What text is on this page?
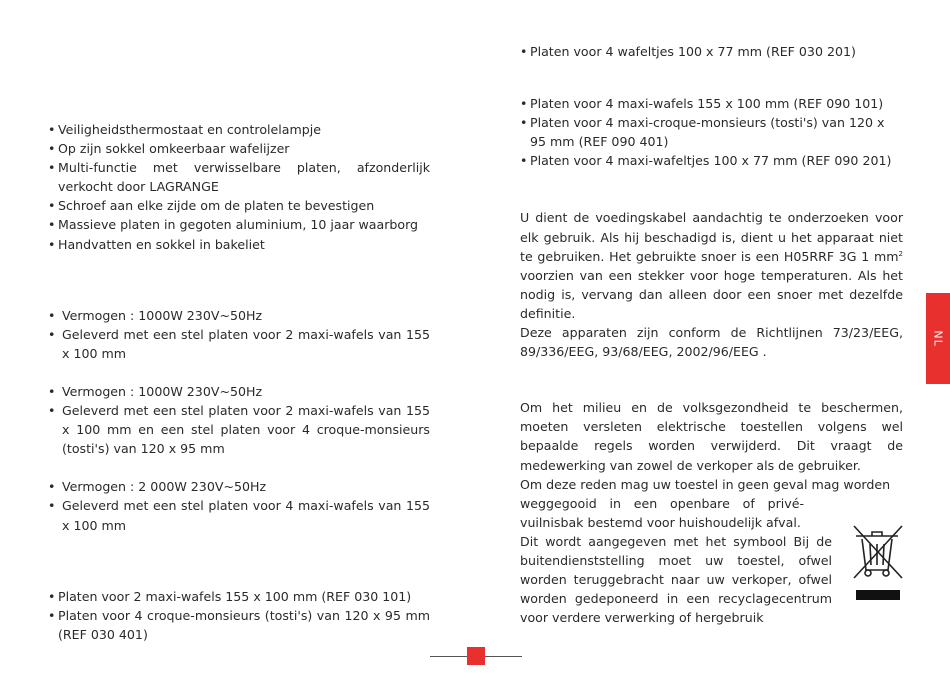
• Veiligheidsthermostaat en controlelampje
• Op zijn sokkel omkeerbaar wafelijzer
• Multi-functie met verwisselbare platen, afzonderlijk verkocht door LAGRANGE
• Schroef aan elke zijde om de platen te bevestigen
• Massieve platen in gegoten aluminium, 10 jaar waarborg
• Handvatten en sokkel in bakeliet
• Vermogen : 1000W 230V~50Hz
• Geleverd met een stel platen voor 2 maxi-wafels van 155 x 100 mm
• Vermogen : 1000W 230V~50Hz
• Geleverd met een stel platen voor 2 maxi-wafels van 155 x 100 mm en een stel platen voor 4 croque-monsieurs (tosti's) van 120 x 95 mm
• Vermogen : 2 000W 230V~50Hz
• Geleverd met een stel platen voor 4 maxi-wafels van 155 x 100 mm
• Platen voor 2 maxi-wafels 155 x 100 mm (REF 030 101)
• Platen voor 4 croque-monsieurs (tosti's) van 120 x 95 mm (REF 030 401)
• Platen voor 4 wafeltjes 100 x 77 mm (REF 030 201)
• Platen voor 4 maxi-wafels 155 x 100 mm (REF 090 101)
• Platen voor 4 maxi-croque-monsieurs (tosti's) van 120 x 95 mm (REF 090 401)
• Platen voor 4 maxi-wafeltjes 100 x 77 mm (REF 090 201)
U dient de voedingskabel aandachtig te onderzoeken voor elk gebruik. Als hij beschadigd is, dient u het apparaat niet te gebruiken. Het gebruikte snoer is een H05RRF 3G 1 $mm^2$ voorzien van een stekker voor hoge temperaturen. Als het nodig is, vervang dan alleen door een snoer met dezelfde definitie.
Deze apparaten zijn conform de Richtlijnen 73/23/EEG, 89/336/EEG, 93/68/EEG, 2002/96/EEG .
Om het milieu en de volksgezondheid te beschermen, moeten versleten elektrische toestellen volgens wel bepaalde regels worden verwijderd. Dit vraagt de medewerking van zowel de verkoper als de gebruiker.
Om deze reden mag uw toestel in geen geval mag worden
weggegooid in een openbare of privé-
vuilnisbak bestemd voor huishoudelijk afval.
Dit wordt aangegeven met het symbool Bij de
buitendienststelling moet uw toestel, ofwel
worden teruggebracht naar uw verkoper, ofwel
worden gedeponeerd in een recyclagecentrum
voor verdere verwerking of hergebruik
NL
